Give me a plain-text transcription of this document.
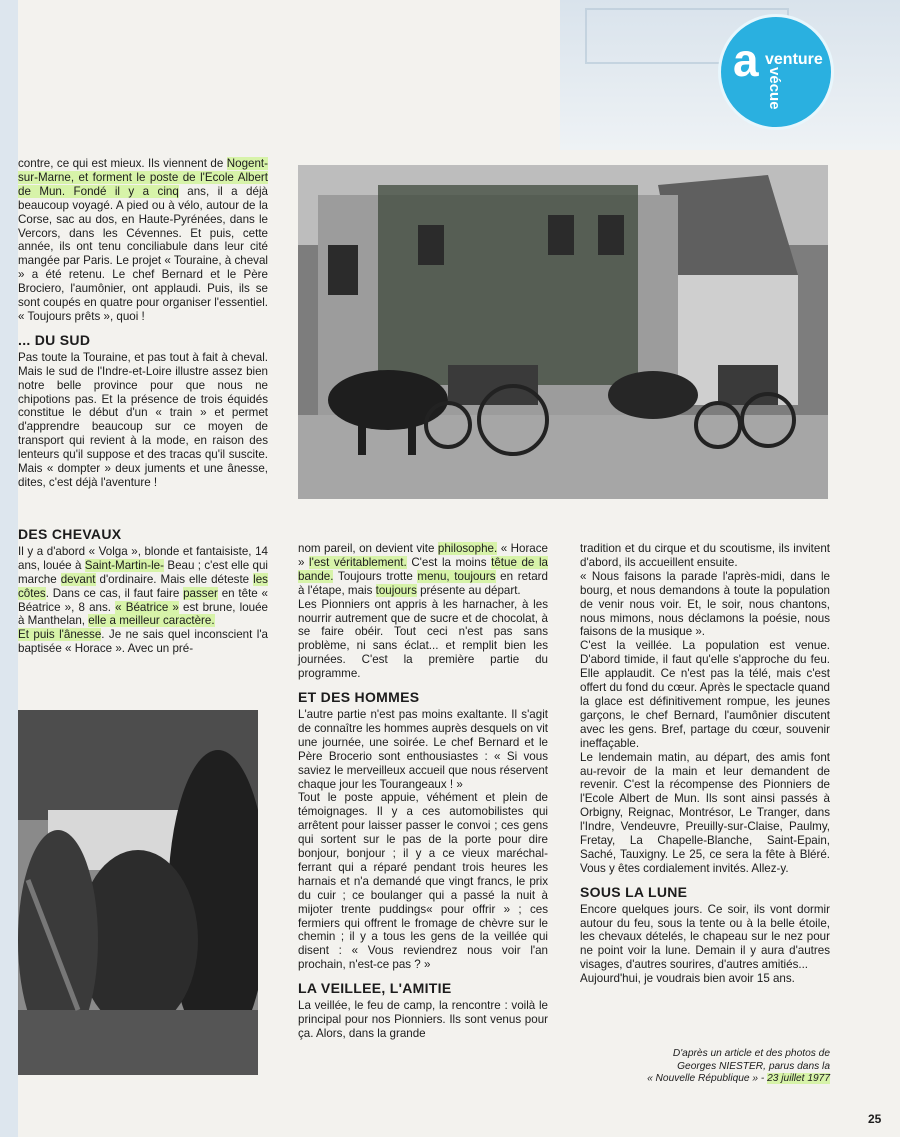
a venture
vécue

contre, ce qui est mieux. Ils viennent de Nogent-sur-Marne, et forment le poste de l'Ecole Albert de Mun. Fondé il y a cinq ans, il a déjà beaucoup voyagé. A pied ou à vélo, autour de la Corse, sac au dos, en Haute-Pyrénées, dans le Vercors, dans les Cévennes. Et puis, cette année, ils ont tenu conciliabule dans leur cité mangée par Paris. Le projet « Touraine, à cheval » a été retenu. Le chef Bernard et le Père Brociero, l'aumônier, ont applaudi. Puis, ils se sont coupés en quatre pour organiser l'essentiel. « Toujours prêts », quoi !

... DU SUD

Pas toute la Touraine, et pas tout à fait à cheval. Mais le sud de l'Indre-et-Loire illustre assez bien notre belle province pour que nous ne chipotions pas. Et la présence de trois équidés constitue le début d'un « train » et permet d'apprendre beaucoup sur ce moyen de transport qui revient à la mode, en raison des lenteurs qu'il suppose et des tracas qu'il suscite. Mais « dompter » deux juments et une ânesse, dites, c'est déjà l'aventure !

DES CHEVAUX

Il y a d'abord « Volga », blonde et fantaisiste, 14 ans, louée à Saint-Martin-le- Beau ; c'est elle qui marche devant d'ordinaire. Mais elle déteste les côtes. Dans ce cas, il faut faire passer en tête « Béatrice », 8 ans. « Béatrice » est brune, louée à Manthelan, elle a meilleur caractère.

Et puis l'ânesse. Je ne sais quel inconscient l'a baptisée « Horace ». Avec un pré-

nom pareil, on devient vite philosophe. « Horace » l'est véritablement. C'est la moins têtue de la bande. Toujours trotte menu, toujours en retard à l'étape, mais toujours présente au départ.

Les Pionniers ont appris à les harnacher, à les nourrir autrement que de sucre et de chocolat, à se faire obéir. Tout ceci n'est pas sans problème, ni sans éclat... et remplit bien les journées. C'est la première partie du programme.

ET DES HOMMES

L'autre partie n'est pas moins exaltante. Il s'agit de connaître les hommes auprès desquels on vit une journée, une soirée. Le chef Bernard et le Père Brocerio sont enthousiastes : « Si vous saviez le merveilleux accueil que nous réservent chaque jour les Tourangeaux ! »

Tout le poste appuie, véhément et plein de témoignages. Il y a ces automobilistes qui arrêtent pour laisser passer le convoi ; ces gens qui sortent sur le pas de la porte pour dire bonjour, bonjour ; il y a ce vieux maréchal-ferrant qui a réparé pendant trois heures les harnais et n'a demandé que vingt francs, le prix du cuir ; ce boulanger qui a passé la nuit à mijoter trente puddings« pour offrir » ; ces fermiers qui offrent le fromage de chèvre sur le chemin ; il y a tous les gens de la veillée qui disent : « Vous reviendrez nous voir l'an prochain, n'est-ce pas ? »

LA VEILLEE, L'AMITIE

La veillée, le feu de camp, la rencontre : voilà le principal pour nos Pionniers. Ils sont venus pour ça. Alors, dans la grande

tradition et du cirque et du scoutisme, ils invitent d'abord, ils accueillent ensuite.

« Nous faisons la parade l'après-midi, dans le bourg, et nous demandons à toute la population de venir nous voir. Et, le soir, nous chantons, nous mimons, nous déclamons la poésie, nous faisons de la musique ».

C'est la veillée. La population est venue. D'abord timide, il faut qu'elle s'approche du feu. Elle applaudit. Ce n'est pas la télé, mais c'est offert du fond du cœur. Après le spectacle quand la glace est définitivement rompue, les jeunes garçons, le chef Bernard, l'aumônier discutent avec les gens. Bref, partage du cœur, souvenir ineffaçable.

Le lendemain matin, au départ, des amis font au-revoir de la main et leur demandent de revenir. C'est la récompense des Pionniers de l'Ecole Albert de Mun. Ils sont ainsi passés à Orbigny, Reignac, Montrésor, Le Tranger, dans l'Indre, Vendeuvre, Preuilly-sur-Claise, Paulmy, Fretay, La Chapelle-Blanche, Saint-Epain, Saché, Tauxigny. Le 25, ce sera la fête à Bléré. Vous y êtes cordialement invités. Allez-y.

SOUS LA LUNE

Encore quelques jours. Ce soir, ils vont dormir autour du feu, sous la tente ou à la belle étoile, les chevaux dételés, le chapeau sur le nez pour ne point voir la lune. Demain il y aura d'autres visages, d'autres sourires, d'autres amitiés...

Aujourd'hui, je voudrais bien avoir 15 ans.

D'après un article et des photos de
Georges NIESTER, parus dans la
« Nouvelle République » - 23 juillet 1977
25
